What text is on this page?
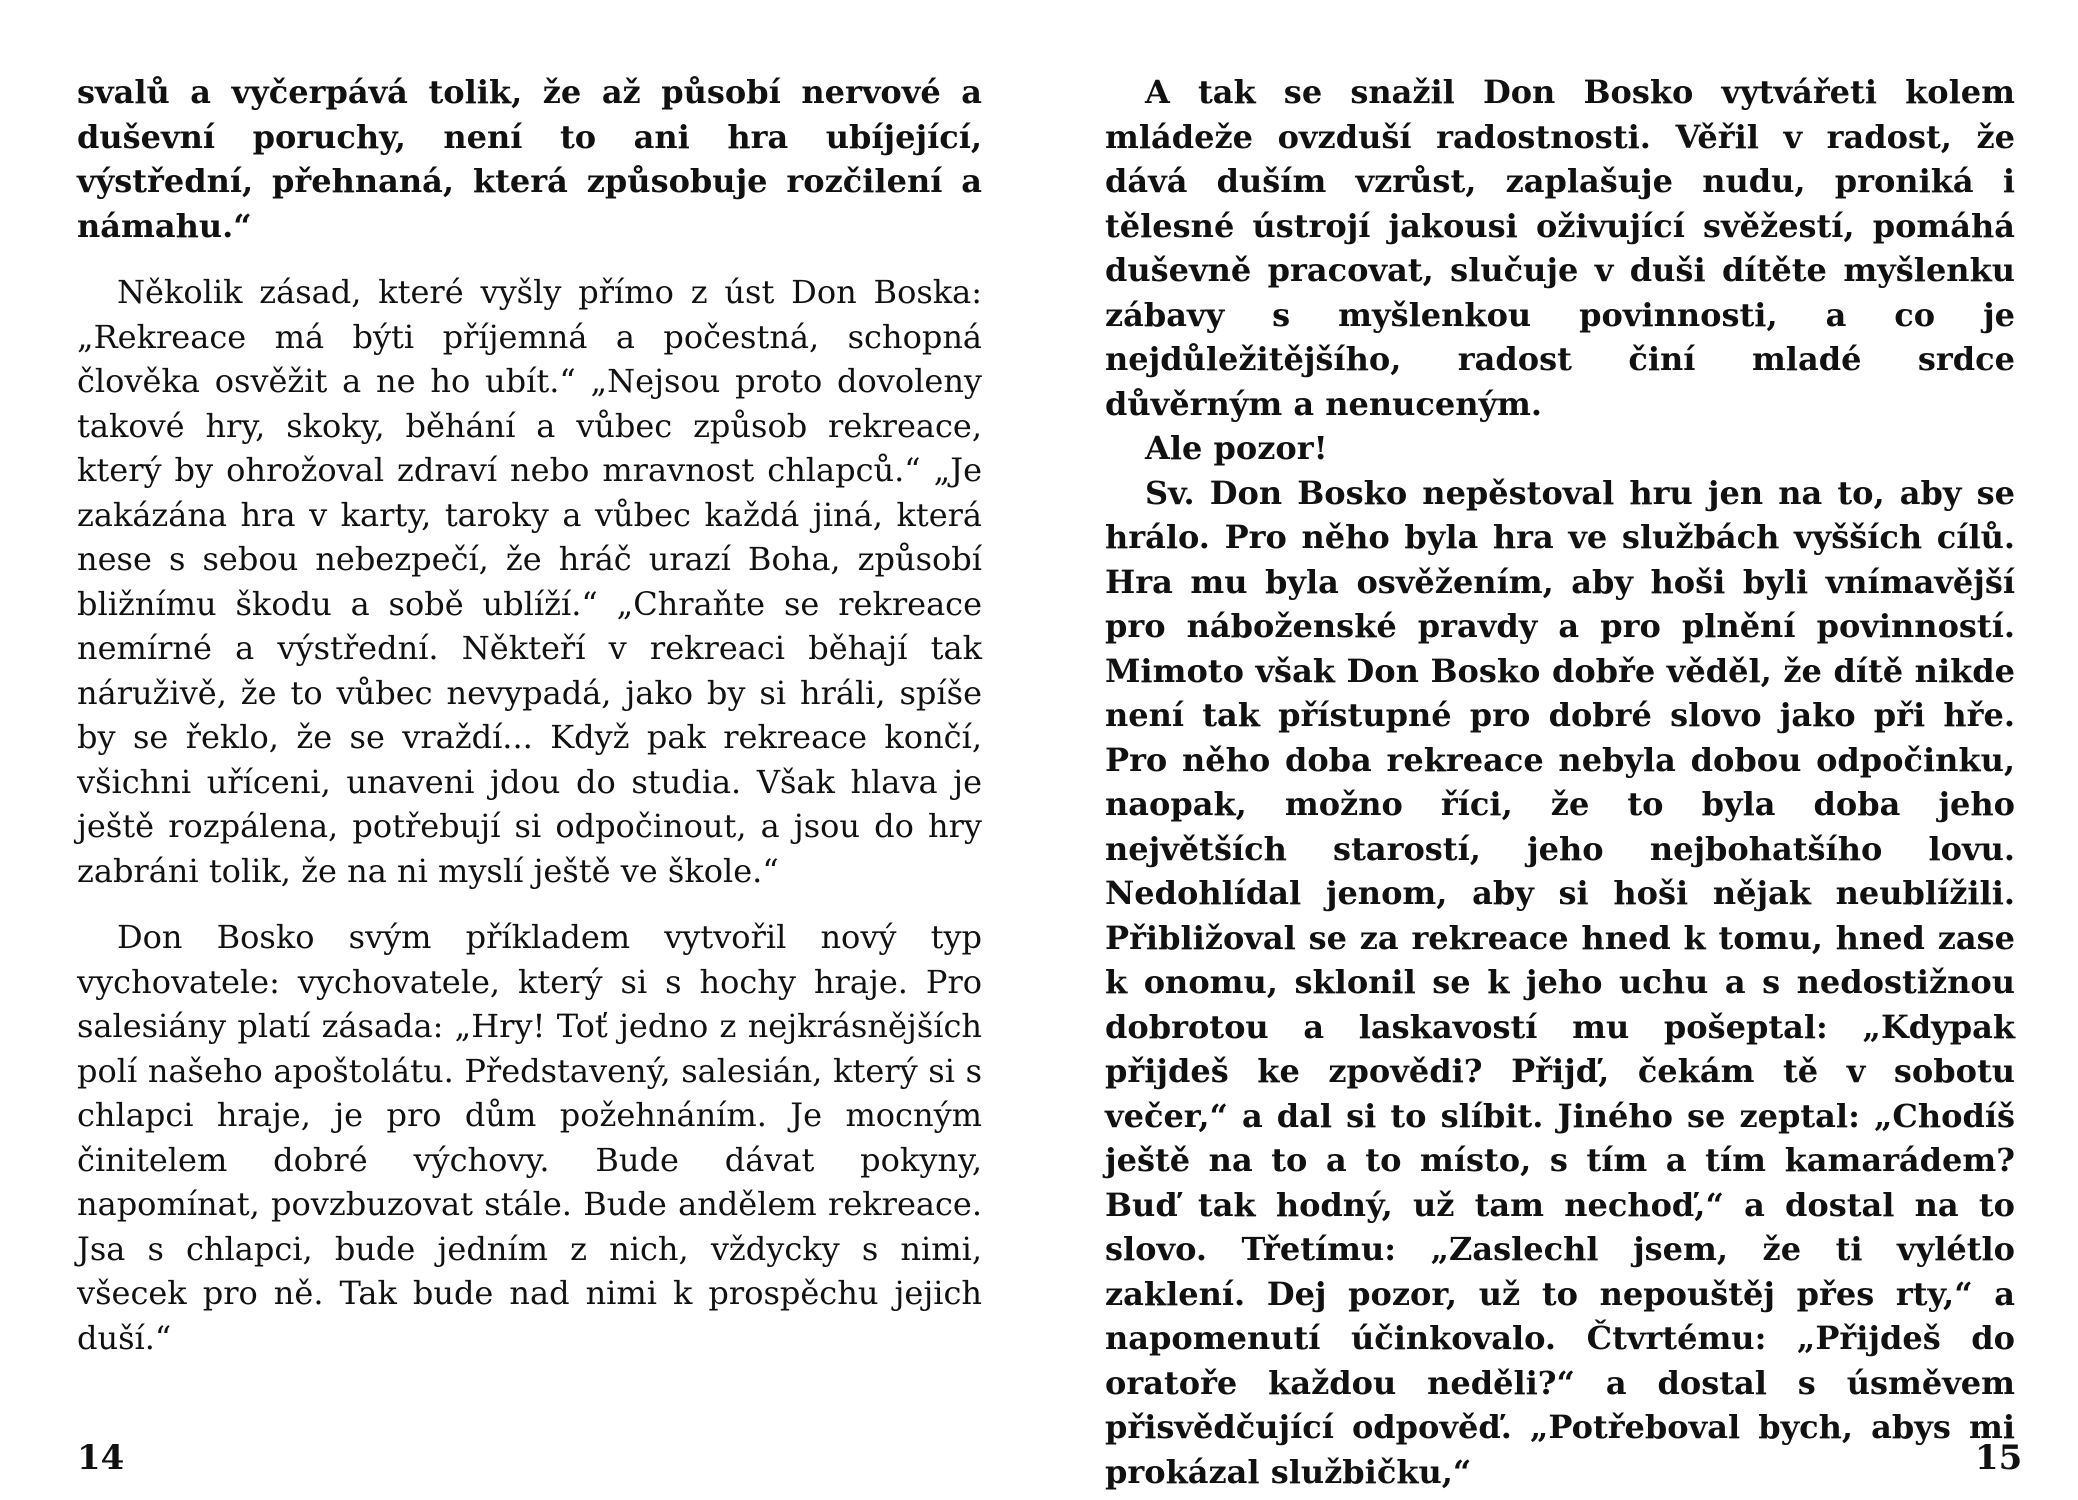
svalů a vyčerpává tolik, že až působí nervové a duševní poruchy, není to ani hra ubíjející, výstřední, přehnaná, která způsobuje rozčilení a námahu.“

Několik zásad, které vyšly přímo z úst Don Boska: „Rekreace má býti příjemná a počestná, schopná člověka osvěžit a ne ho ubít.“ „Nejsou proto dovoleny takové hry, skoky, běhání a vůbec způsob rekreace, který by ohrožoval zdraví nebo mravnost chlapců.“ „Je zakázána hra v karty, taroky a vůbec každá jiná, která nese s sebou nebezpečí, že hráč urazí Boha, způsobí bližnímu škodu a sobě ublíží.“ „Chraňte se rekreace nemírné a výstřední. Někteří v rekreaci běhají tak náruživě, že to vůbec nevypadá, jako by si hráli, spíše by se řeklo, že se vraždí... Když pak rekreace končí, všichni uříceni, unaveni jdou do studia. Však hlava je ještě rozpálena, potřebují si odpočinout, a jsou do hry zabráni tolik, že na ni myslí ještě ve škole.“

Don Bosko svým příkladem vytvořil nový typ vychovatele: vychovatele, který si s hochy hraje. Pro salesiány platí zásada: „Hry! Toť jedno z nejkrásnějších polí našeho apoštolátu. Představený, salesián, který si s chlapci hraje, je pro dům požehnáním. Je mocným činitelem dobré výchovy. Bude dávat pokyny, napomínat, povzbuzovat stále. Bude andělem rekreace. Jsa s chlapci, bude jedním z nich, vždycky s nimi, všecek pro ně. Tak bude nad nimi k prospěchu jejich duší.“

14

A tak se snažil Don Bosko vytvářeti kolem mládeže ovzduší radostnosti. Věřil v radost, že dává duším vzrůst, zaplašuje nudu, proniká i tělesné ústrojí jakousi oživující svěžestí, pomáhá duševně pracovat, slučuje v duši dítěte myšlenku zábavy s myšlenkou povinnosti, a co je nejdůležitějšího, radost činí mladé srdce důvěrným a nenuceným.

Ale pozor!

Sv. Don Bosko nepěstoval hru jen na to, aby se hrálo. Pro něho byla hra ve službách vyšších cílů. Hra mu byla osvěžením, aby hoši byli vnímavější pro náboženské pravdy a pro plnění povinností. Mimoto však Don Bosko dobře věděl, že dítě nikde není tak přístupné pro dobré slovo jako při hře. Pro něho doba rekreace nebyla dobou odpočinku, naopak, možno říci, že to byla doba jeho největších starostí, jeho nejbohatšího lovu. Nedohlídal jenom, aby si hoši nějak neublížili. Přibližoval se za rekreace hned k tomu, hned zase k onomu, sklonil se k jeho uchu a s nedostižnou dobrotou a laskavostí mu pošeptal: „Kdypak přijdeš ke zpovědi? Přijď, čekám tě v sobotu večer,“ a dal si to slíbit. Jiného se zeptal: „Chodíš ještě na to a to místo, s tím a tím kamarádem? Buď tak hodný, už tam nechoď,“ a dostal na to slovo. Třetímu: „Zaslechl jsem, že ti vylétlo zaklení. Dej pozor, už to nepouštěj přes rty,“ a napomenutí účinkovalo. Čtvrtému: „Přijdeš do oratoře každou neděli?“ a dostal s úsměvem přisvědčující odpověď. „Potřeboval bych, abys mi prokázal službičku,“	15
